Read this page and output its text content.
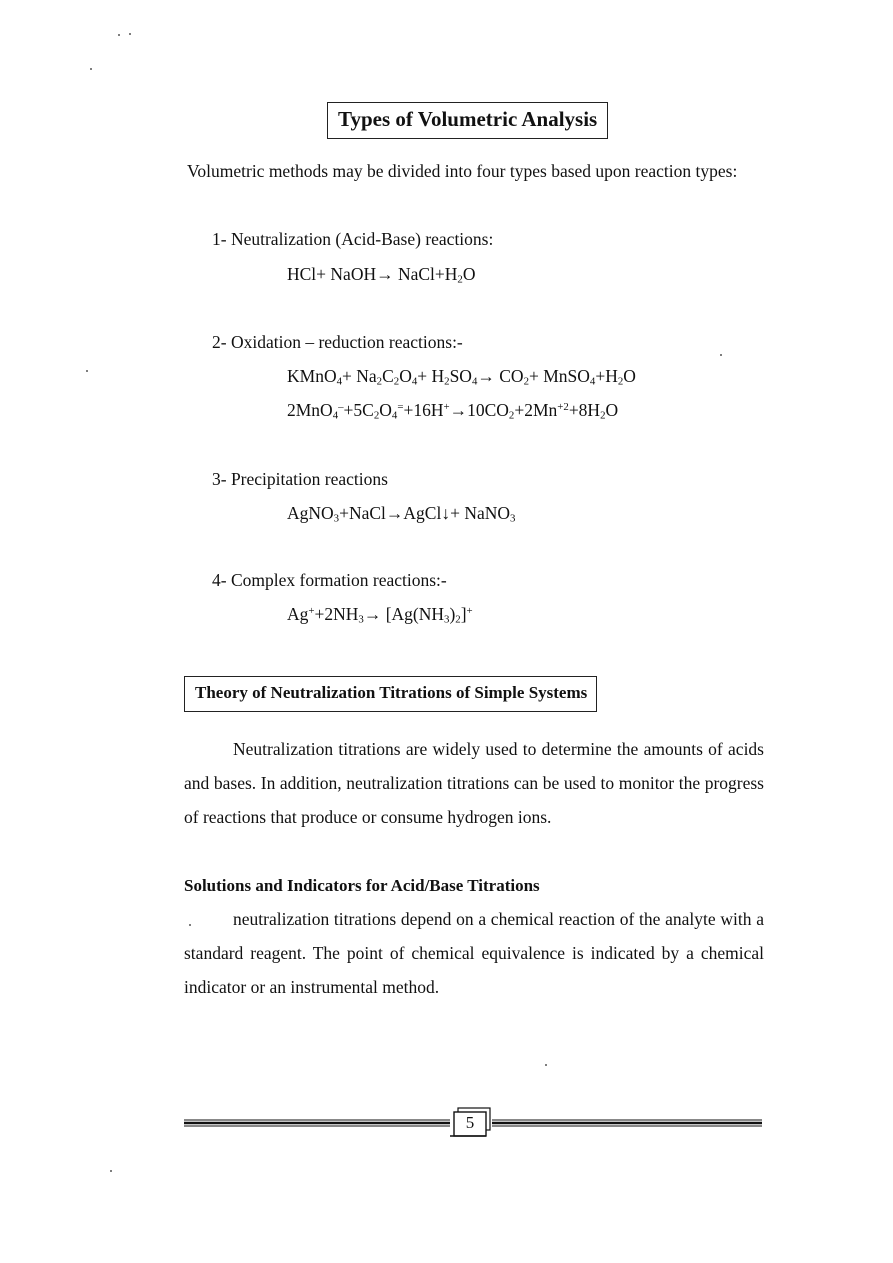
Types of Volumetric Analysis
Volumetric methods may be divided into four types based upon reaction types:
1- Neutralization (Acid-Base) reactions:
HCl+ NaOH→ $NaCl+H_2O$
2- Oxidation – reduction reactions:-
KMnO$_4$+ $Na_2C_2O_4+ H_2SO_4\to CO_2+$ $MnSO_4+H_2O$
$2MnO_4^-+5C_2O_4^=+16H^+\to 10CO_2+2Mn^{+2}+8H_2O$
3- Precipitation reactions
AgNO$_3$+NaCl→AgCl↓+ NaNO$_3$
4- Complex formation reactions:-
$Ag^++2NH_3\to [Ag(NH_3)_2]^+$
Theory of Neutralization Titrations of Simple Systems
Neutralization titrations are widely used to determine the amounts of acids and bases. In addition, neutralization titrations can be used to monitor the progress of reactions that produce or consume hydrogen ions.
Solutions and Indicators for Acid/Base Titrations
neutralization titrations depend on a chemical reaction of the analyte with a standard reagent. The point of chemical equivalence is indicated by a chemical indicator or an instrumental method.
5
